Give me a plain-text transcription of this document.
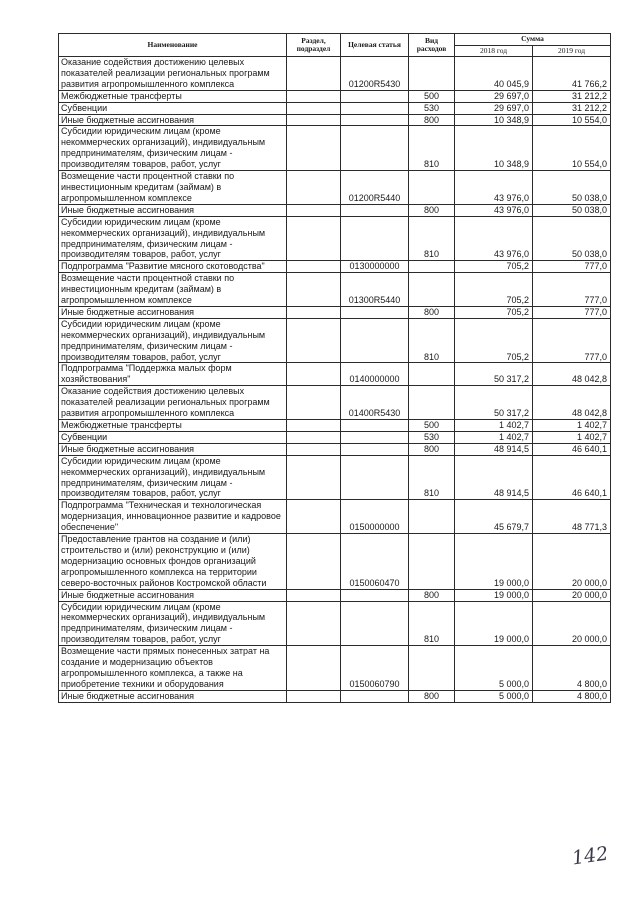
Наименование	Раздел, подраздел	Целевая статья	Вид расходов	Сумма	
				2018 год	2019 год
Оказание содействия достижению целевых показателей реализации региональных программ развития агропромышленного комплекса		01200R5430		40 045,9	41 766,2
Межбюджетные трансферты			500	29 697,0	31 212,2
Субвенции			530	29 697,0	31 212,2
Иные бюджетные ассигнования			800	10 348,9	10 554,0
Субсидии юридическим лицам (кроме некоммерческих организаций), индивидуальным предпринимателям, физическим лицам - производителям товаров, работ, услуг			810	10 348,9	10 554,0
Возмещение части процентной ставки по инвестиционным кредитам (займам) в агропромышленном комплексе		01200R5440		43 976,0	50 038,0
Иные бюджетные ассигнования			800	43 976,0	50 038,0
Субсидии юридическим лицам (кроме некоммерческих организаций), индивидуальным предпринимателям, физическим лицам - производителям товаров, работ, услуг			810	43 976,0	50 038,0
Подпрограмма "Развитие мясного скотоводства"		0130000000		705,2	777,0
Возмещение части процентной ставки по инвестиционным кредитам (займам) в агропромышленном комплексе		01300R5440		705,2	777,0
Иные бюджетные ассигнования			800	705,2	777,0
Субсидии юридическим лицам (кроме некоммерческих организаций), индивидуальным предпринимателям, физическим лицам - производителям товаров, работ, услуг			810	705,2	777,0
Подпрограмма "Поддержка малых форм хозяйствования"		0140000000		50 317,2	48 042,8
Оказание содействия достижению целевых показателей реализации региональных программ развития агропромышленного комплекса		01400R5430		50 317,2	48 042,8
Межбюджетные трансферты			500	1 402,7	1 402,7
Субвенции			530	1 402,7	1 402,7
Иные бюджетные ассигнования			800	48 914,5	46 640,1
Субсидии юридическим лицам (кроме некоммерческих организаций), индивидуальным предпринимателям, физическим лицам - производителям товаров, работ, услуг			810	48 914,5	46 640,1
Подпрограмма "Техническая и технологическая модернизация, инновационное развитие и кадровое обеспечение"		0150000000		45 679,7	48 771,3
Предоставление грантов на создание и (или) строительство и (или) реконструкцию и (или) модернизацию основных фондов организаций агропромышленного комплекса на территории северо-восточных районов Костромской области		0150060470		19 000,0	20 000,0
Иные бюджетные ассигнования			800	19 000,0	20 000,0
Субсидии юридическим лицам (кроме некоммерческих организаций), индивидуальным предпринимателям, физическим лицам - производителям товаров, работ, услуг			810	19 000,0	20 000,0
Возмещение части прямых понесенных затрат на создание и модернизацию объектов агропромышленного комплекса, а также на приобретение техники и оборудования		0150060790		5 000,0	4 800,0
Иные бюджетные ассигнования			800	5 000,0	4 800,0
142
